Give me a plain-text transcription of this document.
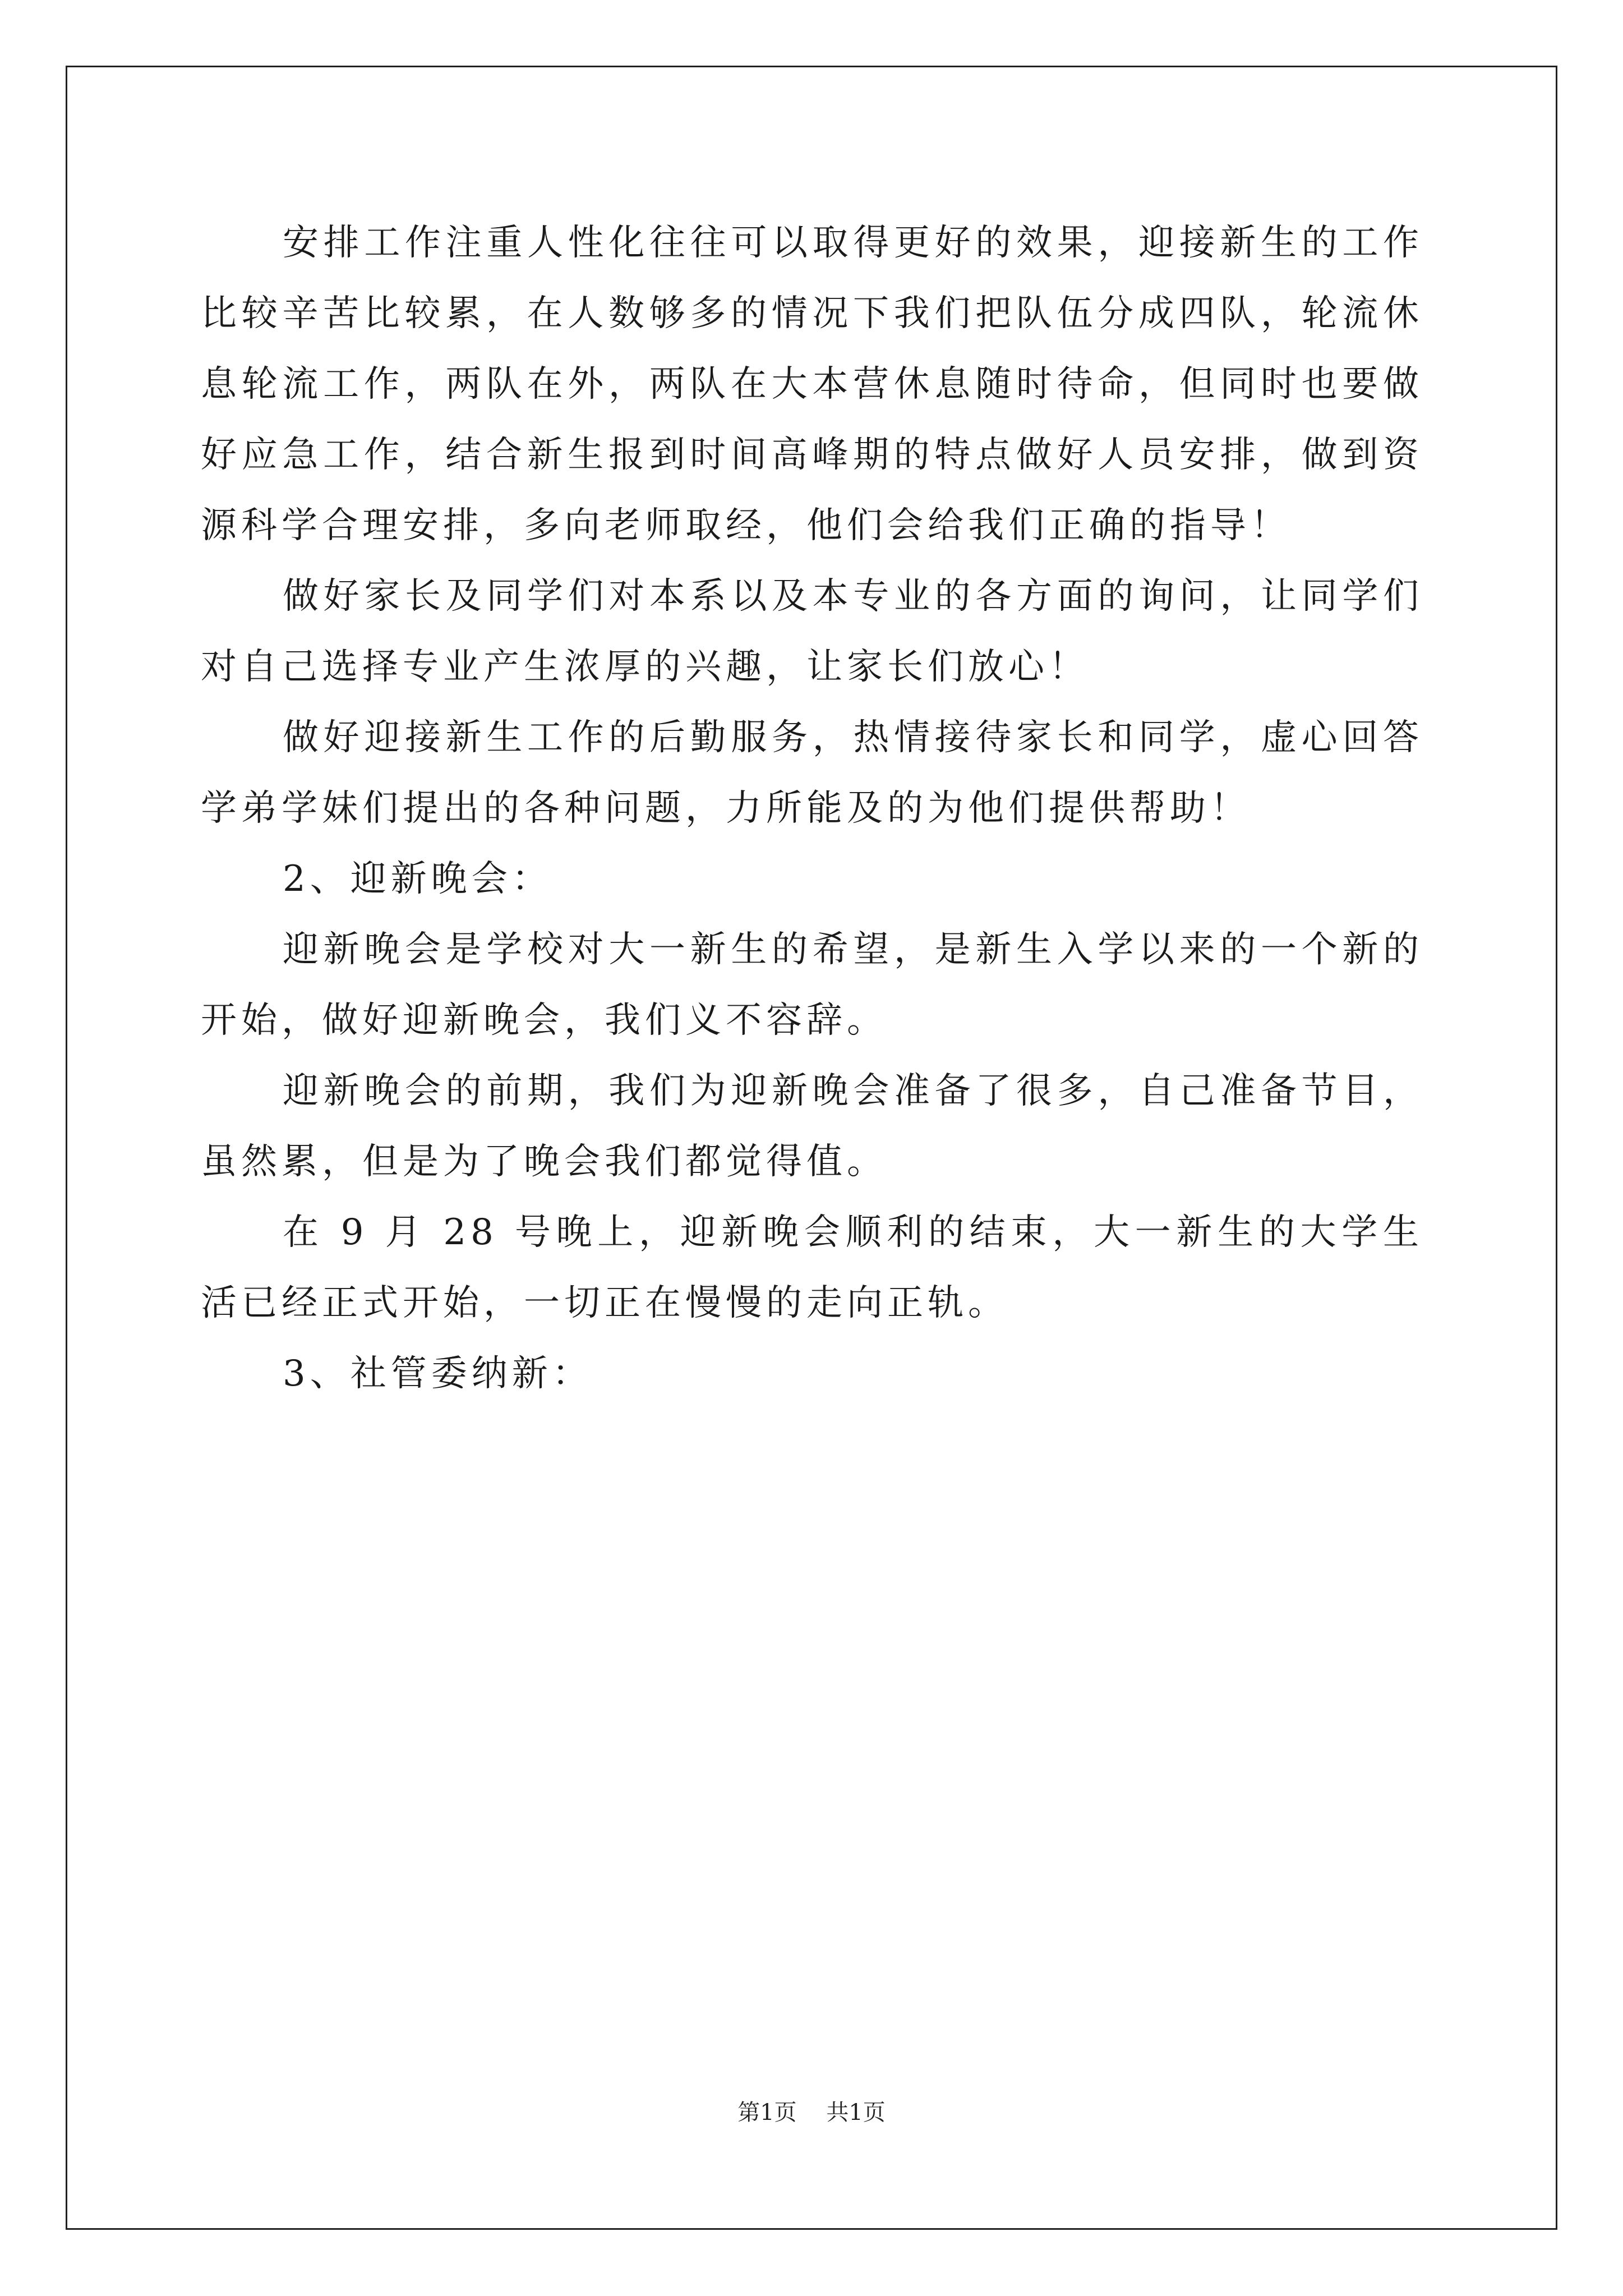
安排工作注重人性化往往可以取得更好的效果，迎接新生的工作比较辛苦比较累，在人数够多的情况下我们把队伍分成四队，轮流休息轮流工作，两队在外，两队在大本营休息随时待命，但同时也要做好应急工作，结合新生报到时间高峰期的特点做好人员安排，做到资源科学合理安排，多向老师取经，他们会给我们正确的指导！

做好家长及同学们对本系以及本专业的各方面的询问，让同学们对自己选择专业产生浓厚的兴趣，让家长们放心！

做好迎接新生工作的后勤服务，热情接待家长和同学，虚心回答学弟学妹们提出的各种问题，力所能及的为他们提供帮助！

2、迎新晚会：

迎新晚会是学校对大一新生的希望，是新生入学以来的一个新的开始，做好迎新晚会，我们义不容辞。

迎新晚会的前期，我们为迎新晚会准备了很多，自己准备节目，虽然累，但是为了晚会我们都觉得值。

在 9 月 28 号晚上，迎新晚会顺利的结束，大一新生的大学生活已经正式开始，一切正在慢慢的走向正轨。

3、社管委纳新：

第1页 共1页
